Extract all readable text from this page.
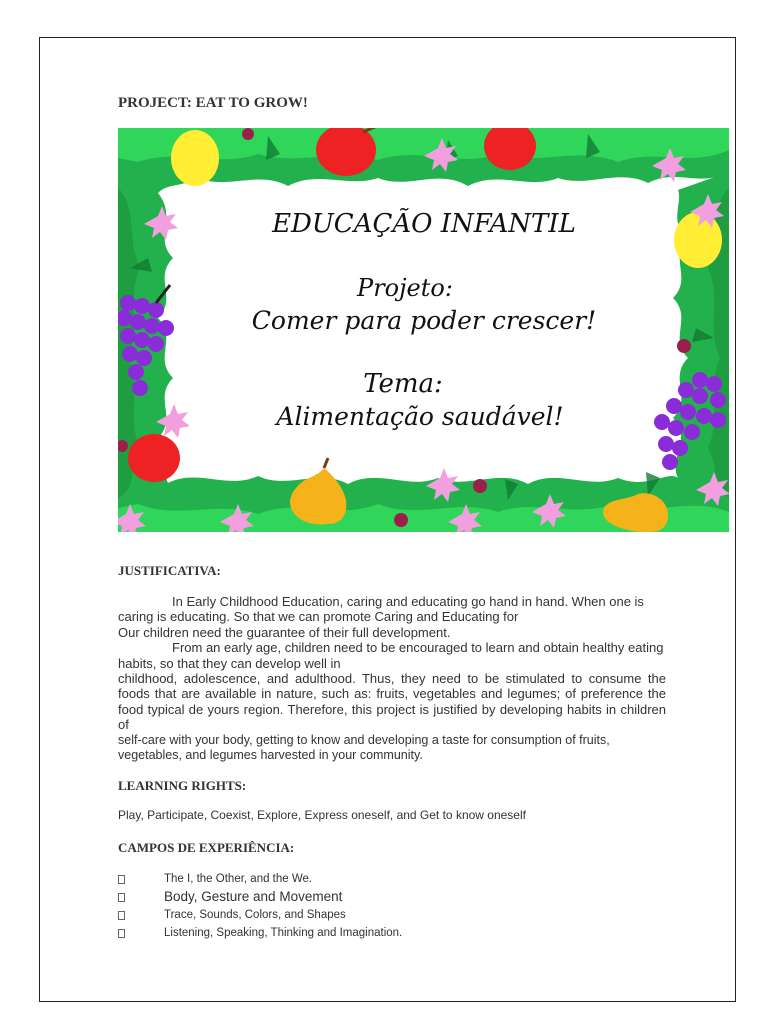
PROJECT: EAT TO GROW!
EDUCAÇÃO INFANTIL
Projeto:
Comer para poder crescer!
Tema:
Alimentação saudável!
JUSTIFICATIVA:

In Early Childhood Education, caring and educating go hand in hand. When one is caring is educating. So that we can promote Caring and Educating for

Our children need the guarantee of their full development.

From an early age, children need to be encouraged to learn and obtain healthy eating habits, so that they can develop well in

childhood, adolescence, and adulthood. Thus, they need to be stimulated to consume the foods that are available in nature, such as: fruits, vegetables and legumes; of preference the food typical de yours region. Therefore, this project is justified by developing habits in children of

self-care with your body, getting to know and developing a taste for consumption of fruits, vegetables, and legumes harvested in your community.

LEARNING RIGHTS:
Play, Participate, Coexist, Explore, Express oneself, and Get to know oneself
CAMPOS DE EXPERIÊNCIA:
The I, the Other, and the We.
Body, Gesture and Movement
Trace, Sounds, Colors, and Shapes
Listening, Speaking, Thinking and Imagination.
